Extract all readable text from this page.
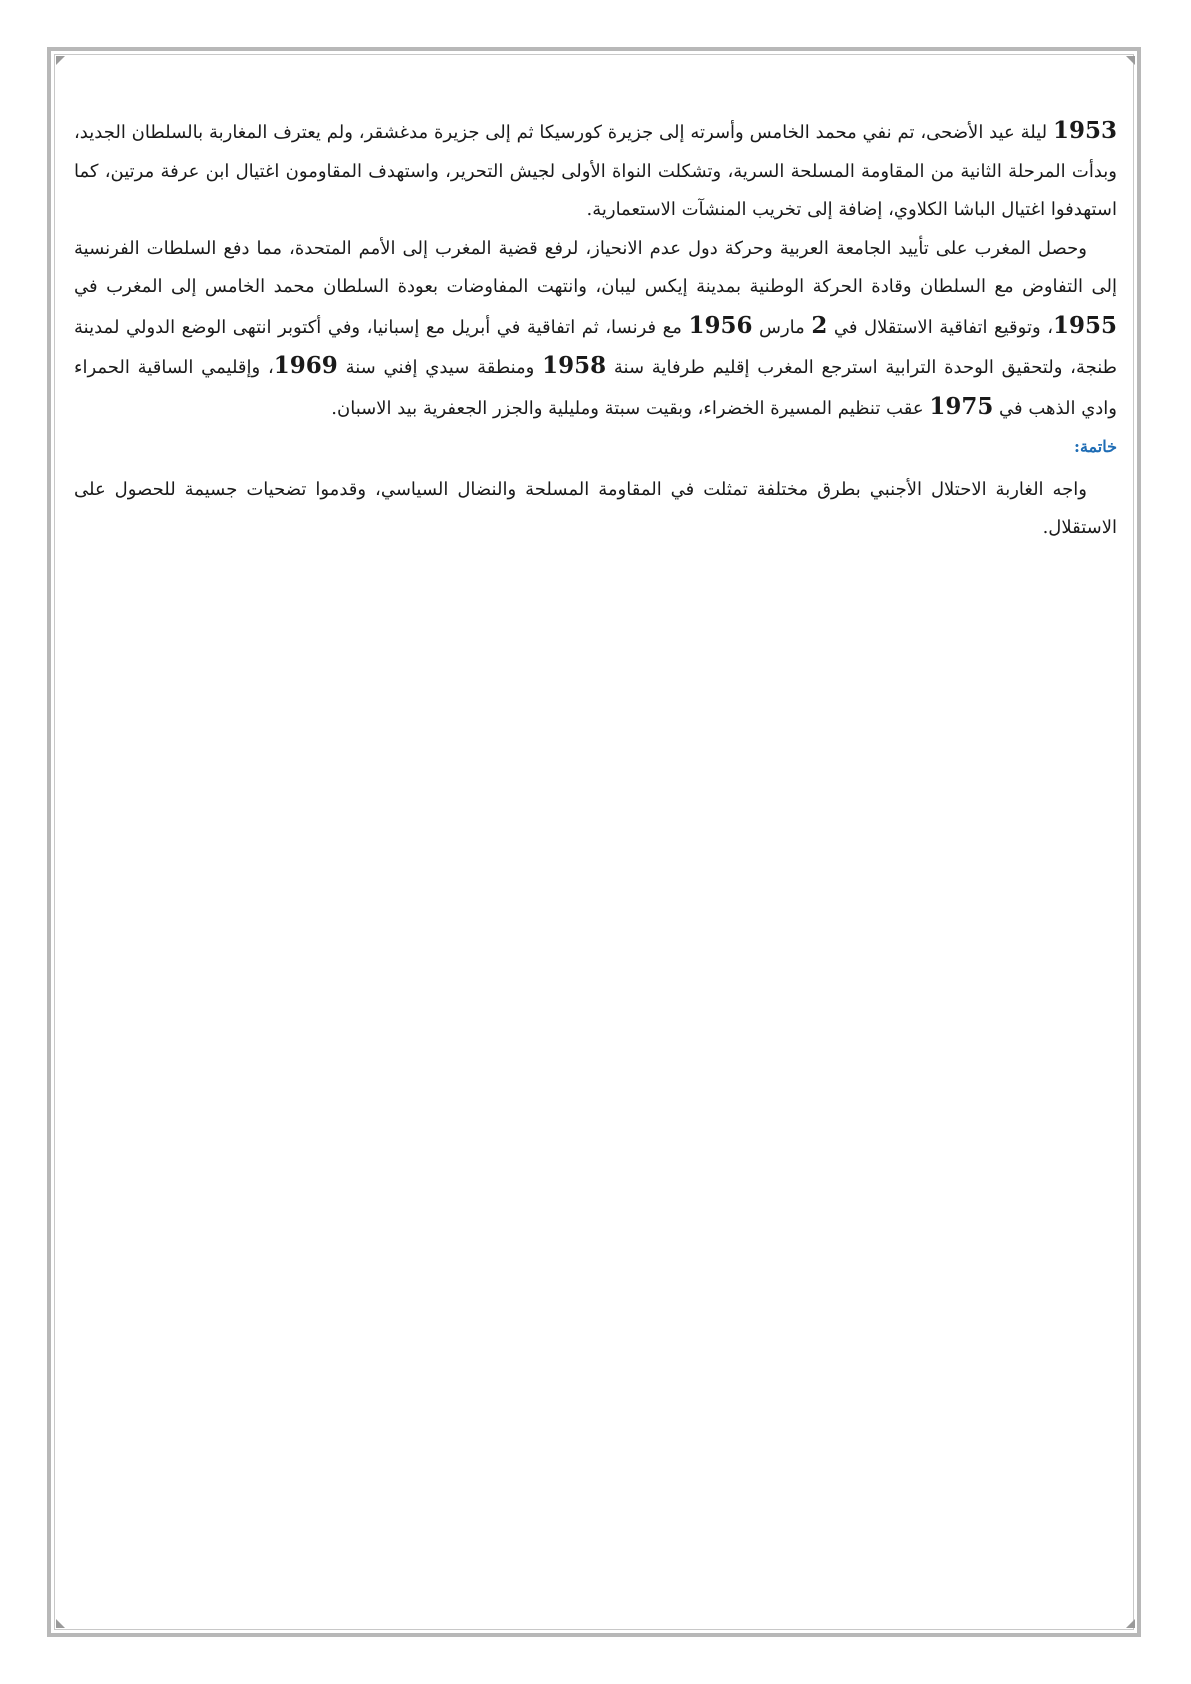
1953 ليلة عيد الأضحى، تم نفي محمد الخامس وأسرته إلى جزيرة كورسيكا ثم إلى جزيرة مدغشقر، ولم يعترف المغاربة بالسلطان الجديد، وبدأت المرحلة الثانية من المقاومة المسلحة السرية، وتشكلت النواة الأولى لجيش التحرير، واستهدف المقاومون اغتيال ابن عرفة مرتين، كما استهدفوا اغتيال الباشا الكلاوي، إضافة إلى تخريب المنشآت الاستعمارية.

وحصل المغرب على تأييد الجامعة العربية وحركة دول عدم الانحياز، لرفع قضية المغرب إلى الأمم المتحدة، مما دفع السلطات الفرنسية إلى التفاوض مع السلطان وقادة الحركة الوطنية بمدينة إيكس ليبان، وانتهت المفاوضات بعودة السلطان محمد الخامس إلى المغرب في 1955، وتوقيع اتفاقية الاستقلال في 2 مارس 1956 مع فرنسا، ثم اتفاقية في أبريل مع إسبانيا، وفي أكتوبر انتهى الوضع الدولي لمدينة طنجة، ولتحقيق الوحدة الترابية استرجع المغرب إقليم طرفاية سنة 1958 ومنطقة سيدي إفني سنة 1969، وإقليمي الساقية الحمراء وادي الذهب في 1975 عقب تنظيم المسيرة الخضراء، وبقيت سبتة ومليلية والجزر الجعفرية بيد الاسبان.

خاتمة:

واجه الغاربة الاحتلال الأجنبي بطرق مختلفة تمثلت في المقاومة المسلحة والنضال السياسي، وقدموا تضحيات جسيمة للحصول على الاستقلال.
